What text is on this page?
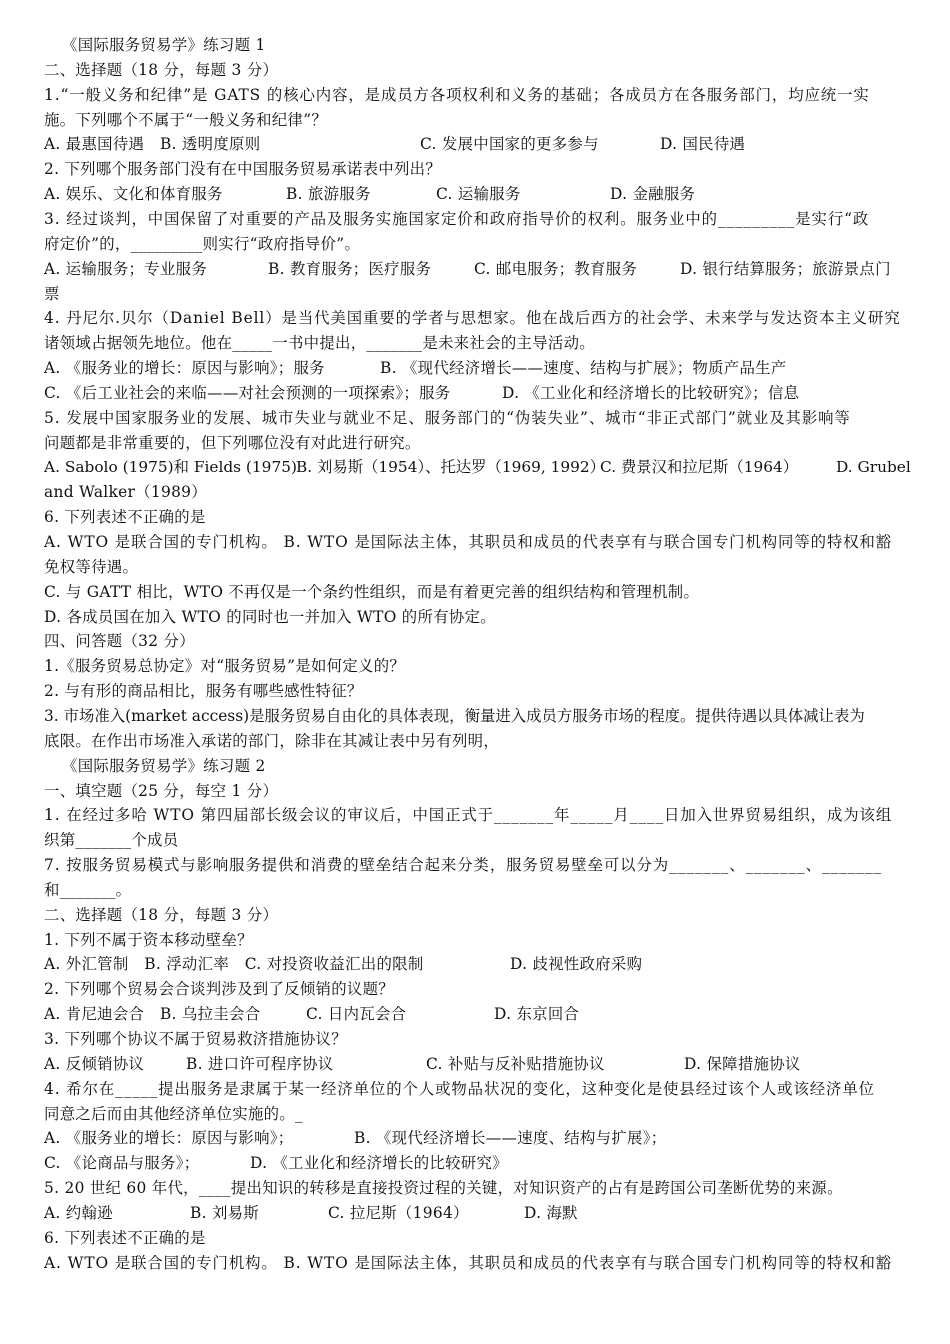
《国际服务贸易学》练习题 1
二、选择题（18 分，每题 3 分）
1.“一般义务和纪律”是 GATS 的核心内容，是成员方各项权利和义务的基础；各成员方在各服务部门，均应统一实
施。下列哪个不属于“一般义务和纪律”？
A. 最惠国待遇　B. 透明度原则	C. 发展中国家的更多参与	D. 国民待遇
2. 下列哪个服务部门没有在中国服务贸易承诺表中列出？
A. 娱乐、文化和体育服务	B. 旅游服务	C. 运输服务	D. 金融服务
3. 经过谈判，中国保留了对重要的产品及服务实施国家定价和政府指导价的权利。服务业中的_________是实行“政
府定价”的，_________则实行“政府指导价”。
A. 运输服务；专业服务	B. 教育服务；医疗服务	C. 邮电服务；教育服务	D. 银行结算服务；旅游景点门
票
4. 丹尼尔.贝尔（Daniel Bell）是当代美国重要的学者与思想家。他在战后西方的社会学、未来学与发达资本主义研究
诸领域占据领先地位。他在_____一书中提出，_______是未来社会的主导活动。
A. 《服务业的增长：原因与影响》；服务	B. 《现代经济增长——速度、结构与扩展》；物质产品生产
C. 《后工业社会的来临——对社会预测的一项探索》；服务	D. 《工业化和经济增长的比较研究》；信息
5. 发展中国家服务业的发展、城市失业与就业不足、服务部门的“伪装失业”、城市“非正式部门”就业及其影响等
问题都是非常重要的，但下列哪位没有对此进行研究。
A. Sabolo (1975)和 Fields (1975) B. 刘易斯（1954）、托达罗（1969, 1992）
C. 费景汉和拉尼斯（1964） D. Grubel
and Walker（1989）
6. 下列表述不正确的是
A. WTO 是联合国的专门机构。 B. WTO 是国际法主体，其职员和成员的代表享有与联合国专门机构同等的特权和豁
免权等待遇。
C. 与 GATT 相比，WTO 不再仅是一个条约性组织，而是有着更完善的组织结构和管理机制。
D. 各成员国在加入 WTO 的同时也一并加入 WTO 的所有协定。
四、问答题（32 分）
1.《服务贸易总协定》对“服务贸易”是如何定义的？
2. 与有形的商品相比，服务有哪些感性特征？
3. 市场准入(market access)是服务贸易自由化的具体表现，衡量进入成员方服务市场的程度。提供待遇以具体减让表为
底限。在作出市场准入承诺的部门，除非在其减让表中另有列明，
《国际服务贸易学》练习题 2
一、填空题（25 分，每空 1 分）
1. 在经过多哈 WTO 第四届部长级会议的审议后，中国正式于_______年_____月____日加入世界贸易组织，成为该组
织第_______个成员
7. 按服务贸易模式与影响服务提供和消费的壁垒结合起来分类，服务贸易壁垒可以分为_______、_______、_______
和_______。
二、选择题（18 分，每题 3 分）
1. 下列不属于资本移动壁垒？
A. 外汇管制　B. 浮动汇率　C. 对投资收益汇出的限制	D. 歧视性政府采购
2. 下列哪个贸易会合谈判涉及到了反倾销的议题？
A. 肯尼迪会合　B. 乌拉圭会合	C. 日内瓦会合	D. 东京回合
3. 下列哪个协议不属于贸易救济措施协议？
A. 反倾销协议	B. 进口许可程序协议	C. 补贴与反补贴措施协议	D. 保障措施协议
4. 希尔在_____提出服务是隶属于某一经济单位的个人或物品状况的变化，这种变化是使县经过该个人或该经济单位
同意之后而由其他经济单位实施的。_
A. 《服务业的增长：原因与影响》；	B. 《现代经济增长——速度、结构与扩展》；
C. 《论商品与服务》；	D. 《工业化和经济增长的比较研究》
5. 20 世纪 60 年代，____提出知识的转移是直接投资过程的关键，对知识资产的占有是跨国公司垄断优势的来源。
A. 约翰逊	B. 刘易斯	C. 拉尼斯（1964）	D. 海默
6. 下列表述不正确的是
A. WTO 是联合国的专门机构。 B. WTO 是国际法主体，其职员和成员的代表享有与联合国专门机构同等的特权和豁
